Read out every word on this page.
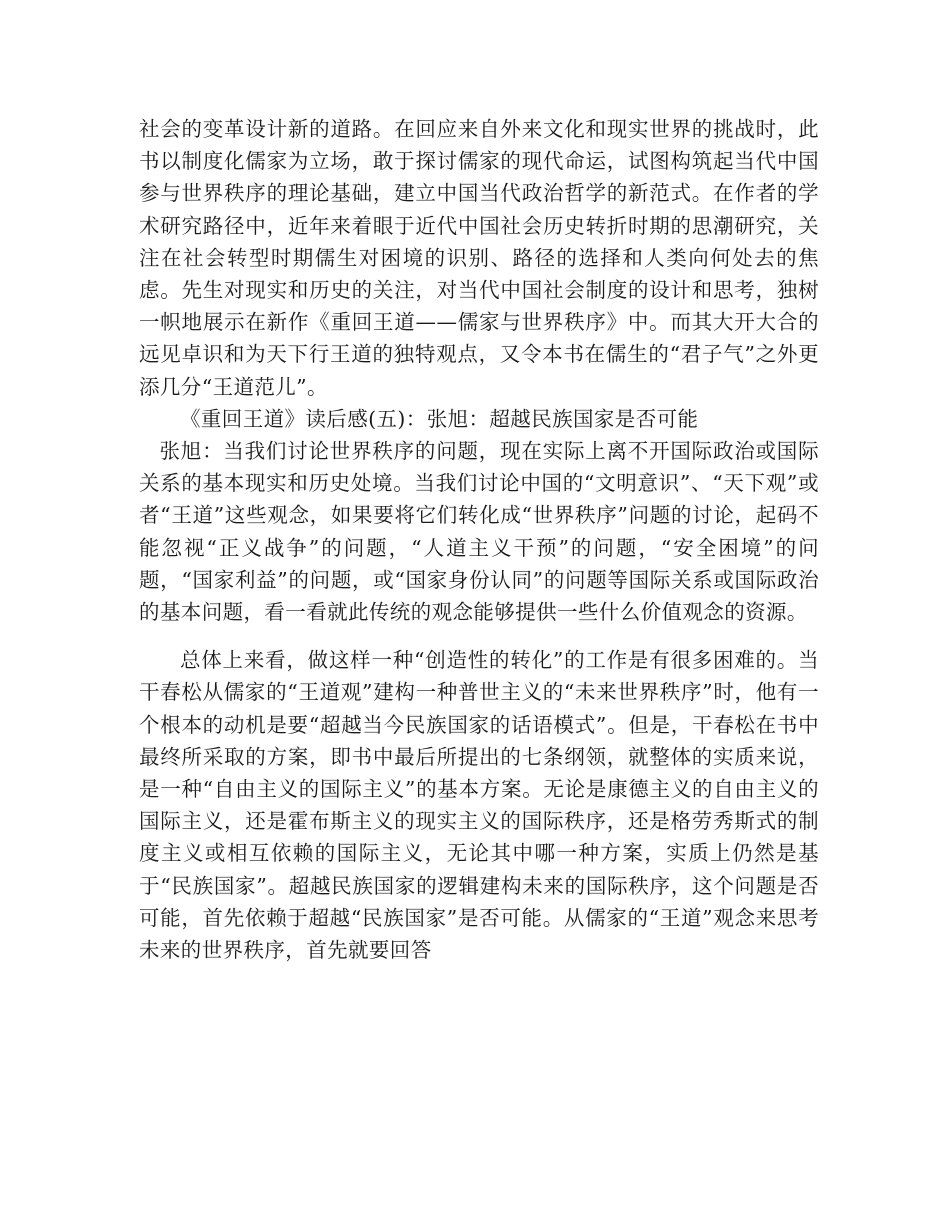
社会的变革设计新的道路。在回应来自外来文化和现实世界的挑战时，此书以制度化儒家为立场，敢于探讨儒家的现代命运，试图构筑起当代中国参与世界秩序的理论基础，建立中国当代政治哲学的新范式。在作者的学术研究路径中，近年来着眼于近代中国社会历史转折时期的思潮研究，关注在社会转型时期儒生对困境的识别、路径的选择和人类向何处去的焦虑。先生对现实和历史的关注，对当代中国社会制度的设计和思考，独树一帜地展示在新作《重回王道——儒家与世界秩序》中。而其大开大合的远见卓识和为天下行王道的独特观点，又令本书在儒生的“君子气”之外更添几分“王道范儿”。

《重回王道》读后感(五)：张旭：超越民族国家是否可能

张旭：当我们讨论世界秩序的问题，现在实际上离不开国际政治或国际关系的基本现实和历史处境。当我们讨论中国的“文明意识”、“天下观”或者“王道”这些观念，如果要将它们转化成“世界秩序”问题的讨论，起码不能忽视“正义战争”的问题，“人道主义干预”的问题，“安全困境”的问题，“国家利益”的问题，或“国家身份认同”的问题等国际关系或国际政治的基本问题，看一看就此传统的观念能够提供一些什么价值观念的资源。

总体上来看，做这样一种“创造性的转化”的工作是有很多困难的。当干春松从儒家的“王道观”建构一种普世主义的“未来世界秩序”时，他有一个根本的动机是要“超越当今民族国家的话语模式”。但是，干春松在书中最终所采取的方案，即书中最后所提出的七条纲领，就整体的实质来说，是一种“自由主义的国际主义”的基本方案。无论是康德主义的自由主义的国际主义，还是霍布斯主义的现实主义的国际秩序，还是格劳秀斯式的制度主义或相互依赖的国际主义，无论其中哪一种方案，实质上仍然是基于“民族国家”。超越民族国家的逻辑建构未来的国际秩序，这个问题是否可能，首先依赖于超越“民族国家”是否可能。从儒家的“王道”观念来思考未来的世界秩序，首先就要回答
